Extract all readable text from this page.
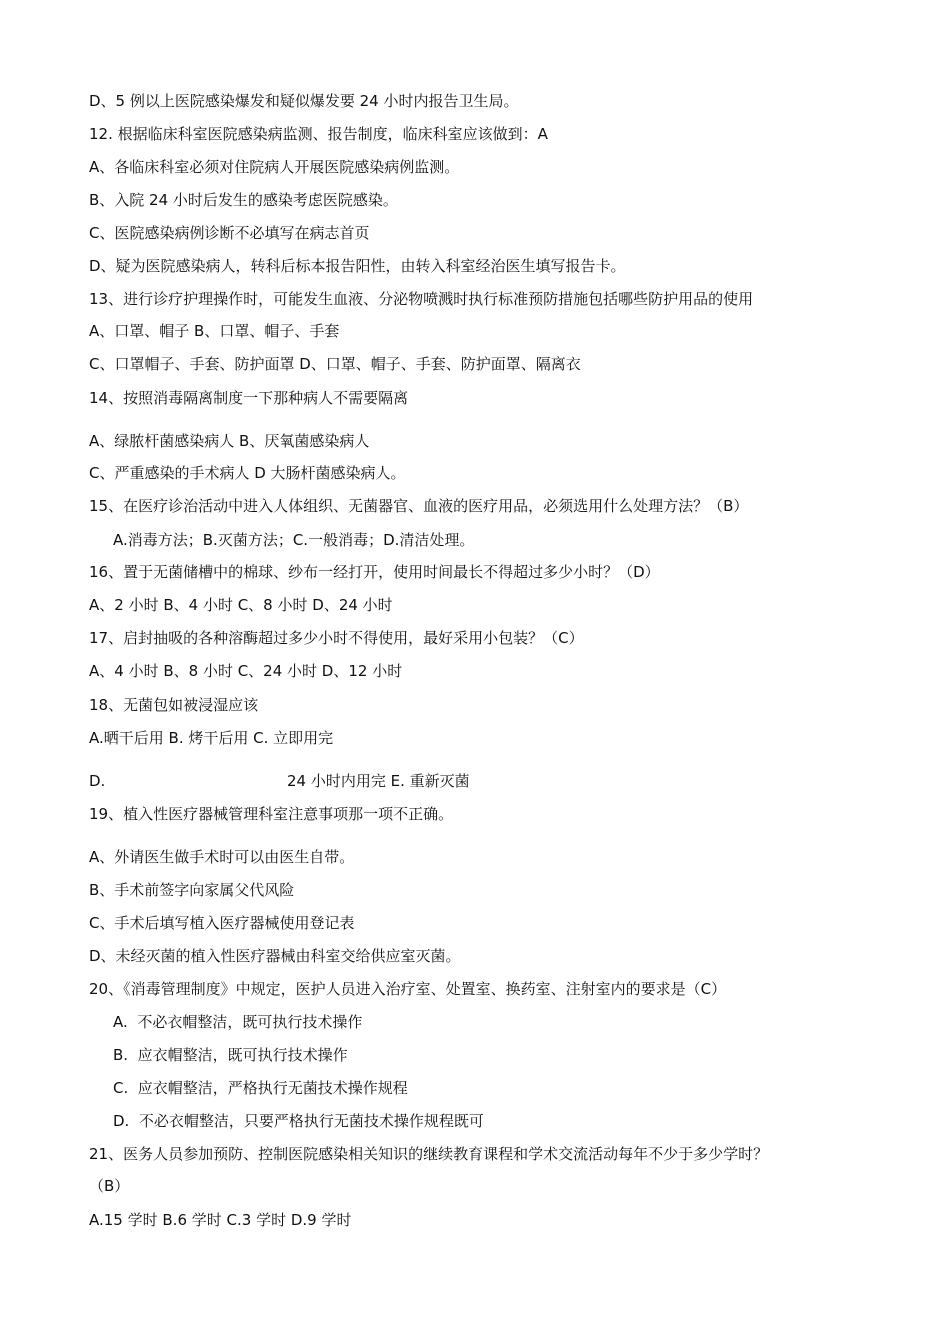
D、5 例以上医院感染爆发和疑似爆发要 24 小时内报告卫生局。
12. 根据临床科室医院感染病监测、报告制度，临床科室应该做到：A
A、各临床科室必须对住院病人开展医院感染病例监测。
B、入院 24 小时后发生的感染考虑医院感染。
C、医院感染病例诊断不必填写在病志首页
D、疑为医院感染病人，转科后标本报告阳性，由转入科室经治医生填写报告卡。
13、进行诊疗护理操作时，可能发生血液、分泌物喷溅时执行标准预防措施包括哪些防护用品的使用
A、口罩、帽子 B、口罩、帽子、手套
C、口罩帽子、手套、防护面罩 D、口罩、帽子、手套、防护面罩、隔离衣
14、按照消毒隔离制度一下那种病人不需要隔离
A、绿脓杆菌感染病人 B、厌氧菌感染病人
C、严重感染的手术病人 D 大肠杆菌感染病人。
15、在医疗诊治活动中进入人体组织、无菌器官、血液的医疗用品，必须选用什么处理方法？（B）
A.消毒方法；B.灭菌方法；C.一般消毒；D.清洁处理。
16、置于无菌储槽中的棉球、纱布一经打开，使用时间最长不得超过多少小时？（D）
A、2 小时 B、4 小时 C、8 小时 D、24 小时
17、启封抽吸的各种溶酶超过多少小时不得使用，最好采用小包装？（C）
A、4 小时 B、8 小时 C、24 小时 D、12 小时
18、无菌包如被浸湿应该
A.晒干后用 B. 烤干后用 C. 立即用完
D.	24 小时内用完 E. 重新灭菌
19、植入性医疗器械管理科室注意事项那一项不正确。
A、外请医生做手术时可以由医生自带。
B、手术前签字向家属父代风险
C、手术后填写植入医疗器械使用登记表
D、未经灭菌的植入性医疗器械由科室交给供应室灭菌。
20、《消毒管理制度》中规定，医护人员进入治疗室、处置室、换药室、注射室内的要求是（C）
A. 不必衣帽整洁，既可执行技术操作
B. 应衣帽整洁，既可执行技术操作
C. 应衣帽整洁，严格执行无菌技术操作规程
D. 不必衣帽整洁，只要严格执行无菌技术操作规程既可
21、医务人员参加预防、控制医院感染相关知识的继续教育课程和学术交流活动每年不少于多少学时？
（B）
A.15 学时 B.6 学时 C.3 学时 D.9 学时
